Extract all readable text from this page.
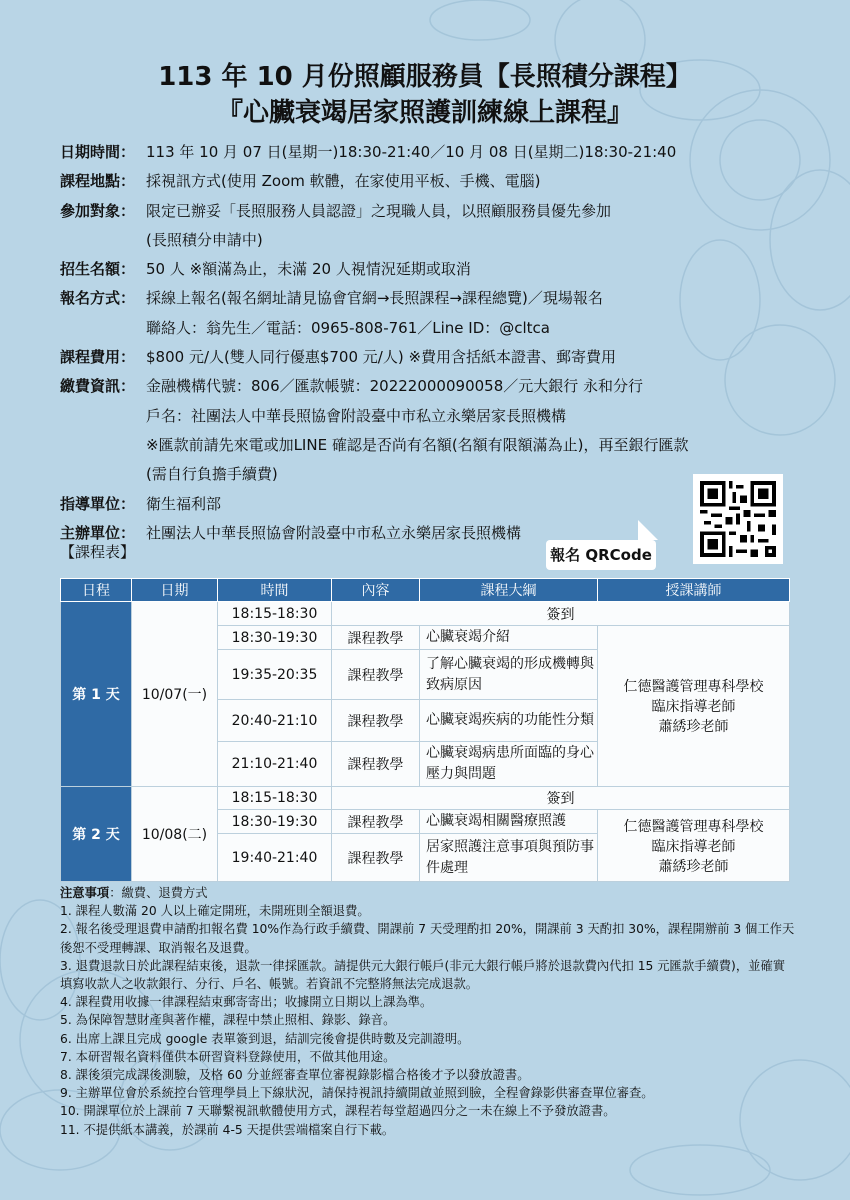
113 年 10 月份照顧服務員【長照積分課程】
『心臟衰竭居家照護訓練線上課程』
日期時間： 113 年 10 月 07 日(星期一)18:30-21:40／10 月 08 日(星期二)18:30-21:40
課程地點： 採視訊方式(使用 Zoom 軟體，在家使用平板、手機、電腦)
參加對象： 限定已辦妥「長照服務人員認證」之現職人員，以照顧服務員優先參加
(長照積分申請中)
招生名額： 50 人 ※額滿為止，未滿 20 人視情況延期或取消
報名方式： 採線上報名(報名網址請見協會官網→長照課程→課程總覽)／現場報名
聯絡人：翁先生／電話：0965-808-761／Line ID：@cltca
課程費用： $800 元/人(雙人同行優惠$700 元/人) ※費用含括紙本證書、郵寄費用
繳費資訊： 金融機構代號：806／匯款帳號：20222000090058／元大銀行 永和分行
戶名：社團法人中華長照協會附設臺中市私立永樂居家長照機構
※匯款前請先來電或加LINE 確認是否尚有名額(名額有限額滿為止)，再至銀行匯款
(需自行負擔手續費)
指導單位： 衛生福利部
主辦單位： 社團法人中華長照協會附設臺中市私立永樂居家長照機構
報名 QRCode
【課程表】
日程	日期	時間	內容	課程大綱	授課講師
第 1 天	10/07(一)	18:15-18:30	簽到		
		18:30-19:30	課程教學	心臟衰竭介紹	仁德醫護管理專科學校
臨床指導老師
蕭綉珍老師

		19:35-20:35	課程教學	了解心臟衰竭的形成機轉與致病原因	
		20:40-21:10	課程教學	心臟衰竭疾病的功能性分類	
		21:10-21:40	課程教學	心臟衰竭病患所面臨的身心壓力與問題	
第 2 天	10/08(二)	18:15-18:30	簽到		
		18:30-19:30	課程教學	心臟衰竭相關醫療照護	仁德醫護管理專科學校
臨床指導老師
蕭綉珍老師

		19:40-21:40	課程教學	居家照護注意事項與預防事件處理	

注意事項：繳費、退費方式

1. 課程人數滿 20 人以上確定開班，未開班則全額退費。

2. 報名後受理退費申請酌扣報名費 10%作為行政手續費、開課前 7 天受理酌扣 20%，開課前 3 天酌扣 30%，課程開辦前 3 個工作天後恕不受理轉課、取消報名及退費。

3. 退費退款日於此課程結束後，退款一律採匯款。請提供元大銀行帳戶(非元大銀行帳戶將於退款費內代扣 15 元匯款手續費)，並確實填寫收款人之收款銀行、分行、戶名、帳號。若資訊不完整將無法完成退款。

4. 課程費用收據一律課程結束郵寄寄出；收據開立日期以上課為準。

5. 為保障智慧財產與著作權，課程中禁止照相、錄影、錄音。

6. 出席上課且完成 google 表單簽到退，結訓完後會提供時數及完訓證明。

7. 本研習報名資料僅供本研習資料登錄使用，不做其他用途。

8. 課後須完成課後測驗，及格 60 分並經審查單位審視錄影檔合格後才予以發放證書。

9. 主辦單位會於系統控台管理學員上下線狀況，請保持視訊持續開啟並照到臉，全程會錄影供審查單位審查。

10. 開課單位於上課前 7 天聯繫視訊軟體使用方式，課程若每堂超過四分之一未在線上不予發放證書。

11. 不提供紙本講義，於課前 4-5 天提供雲端檔案自行下載。
